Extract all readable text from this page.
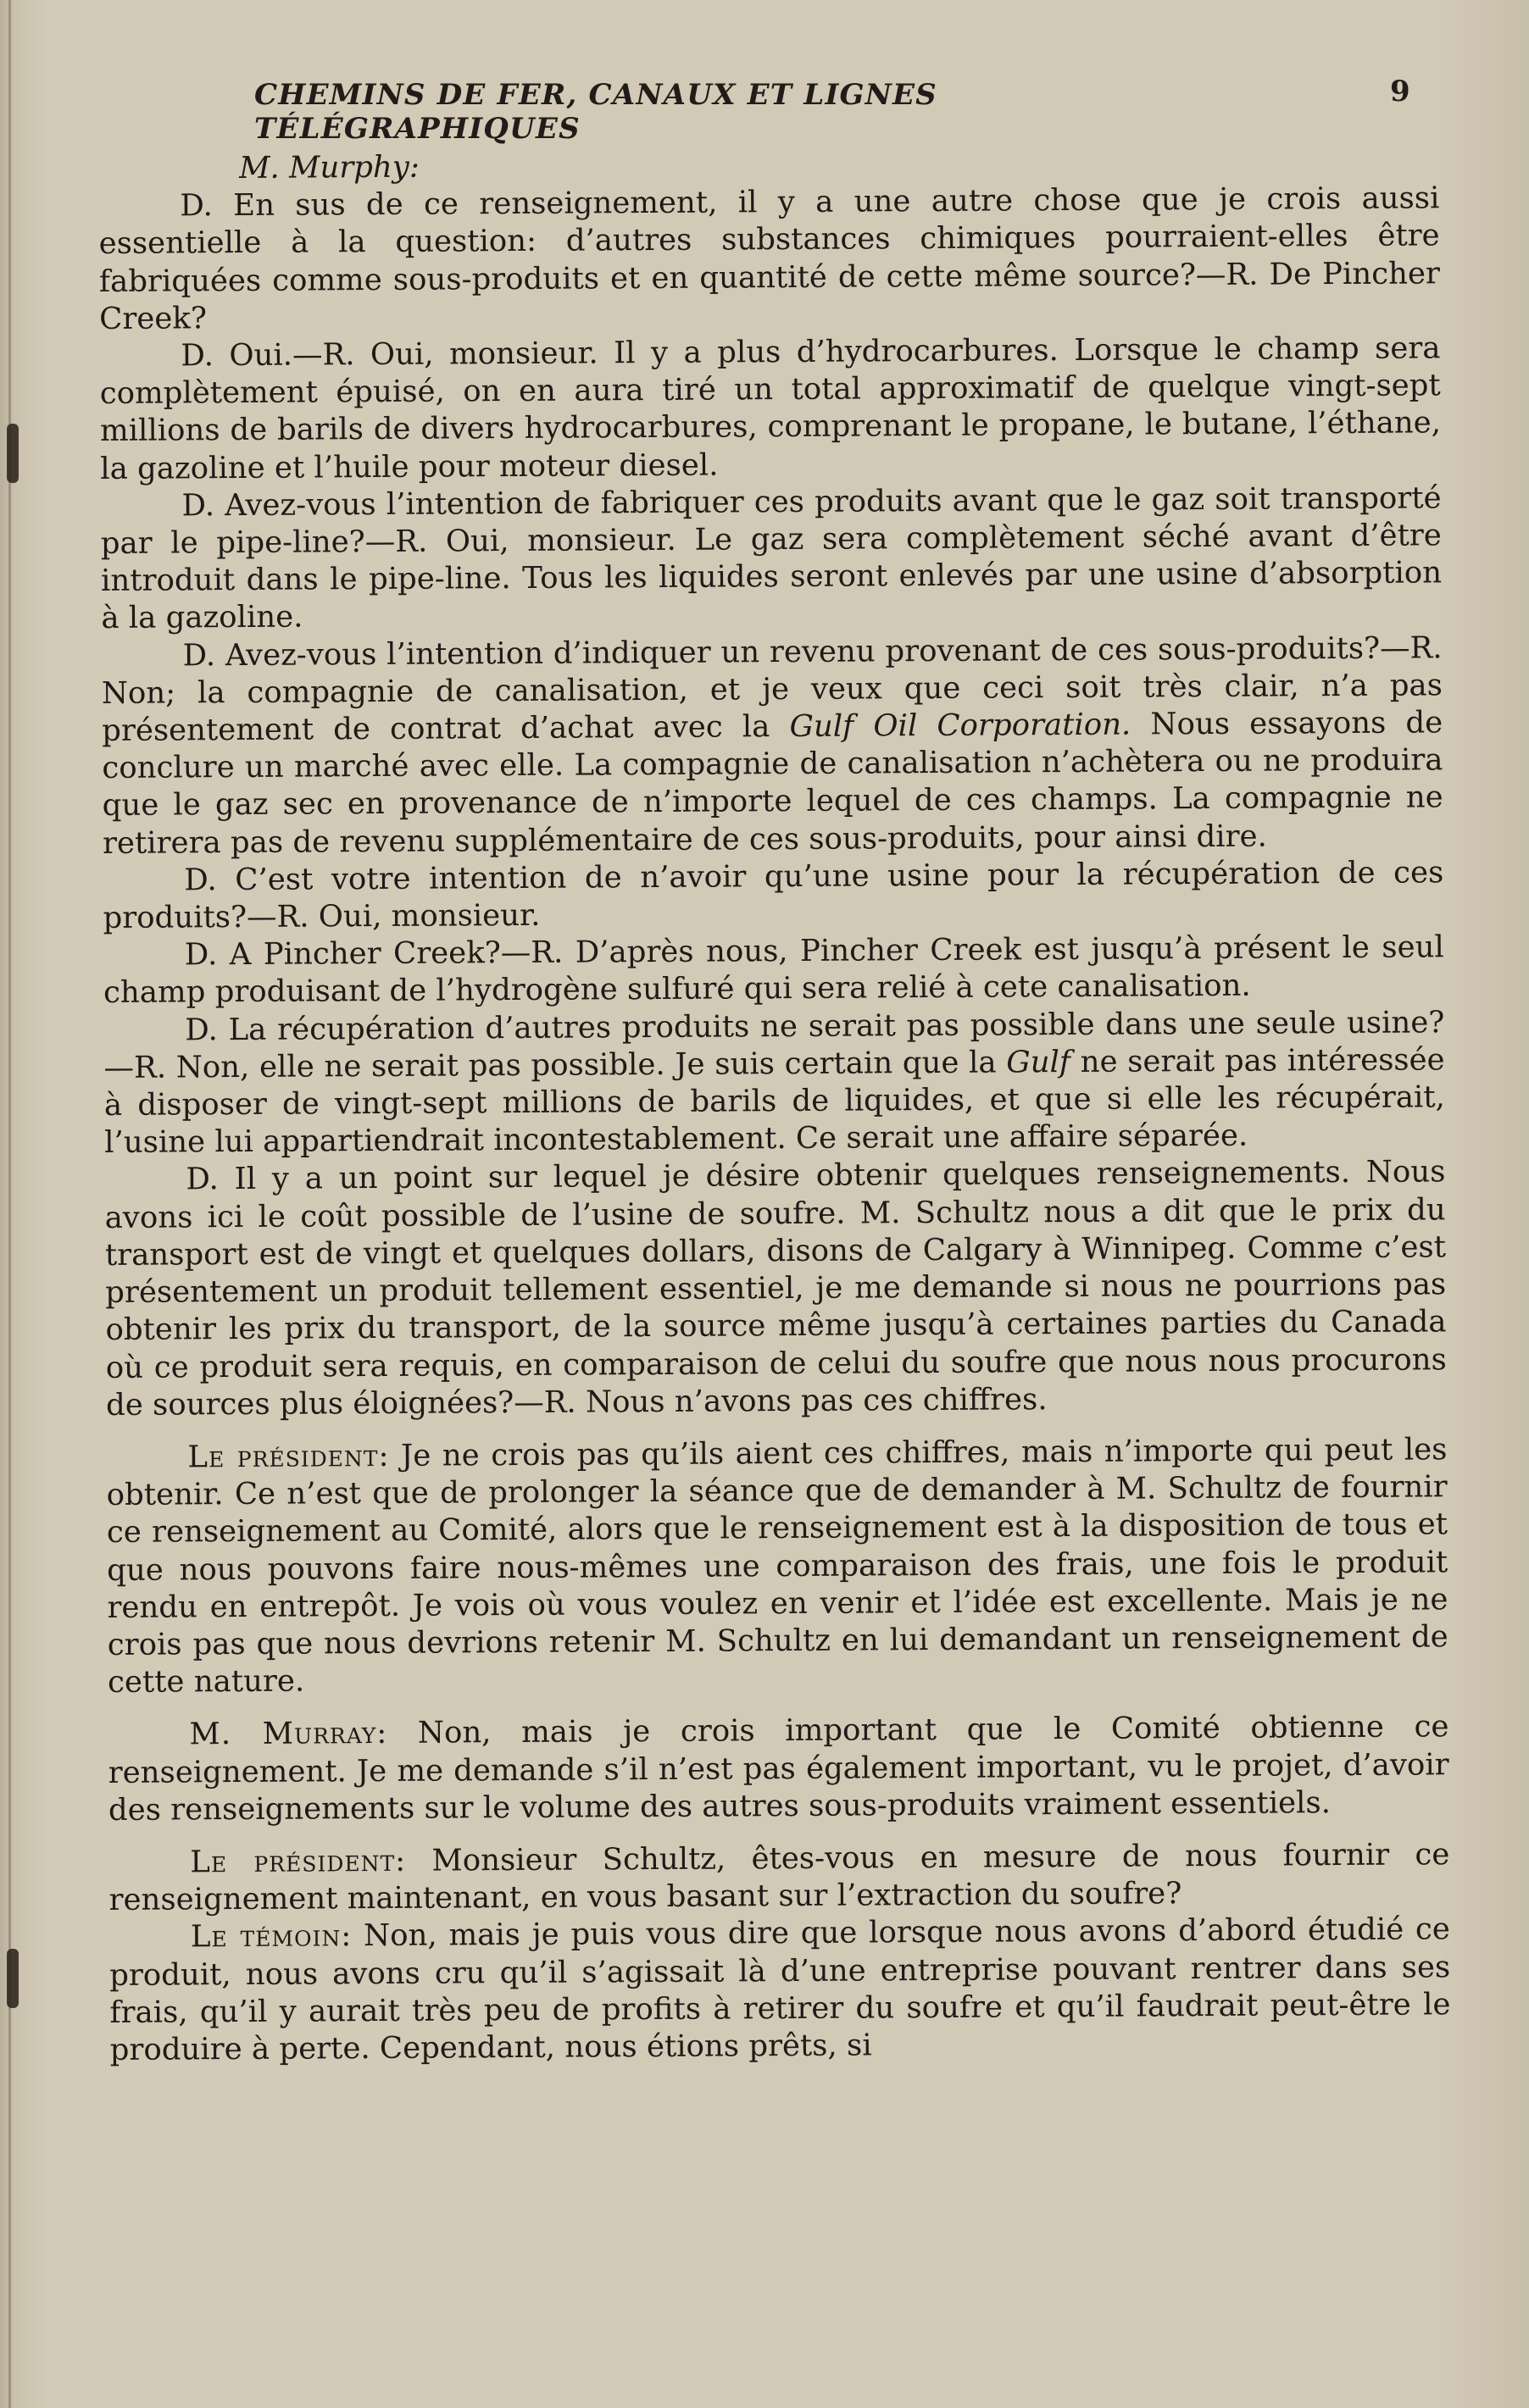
CHEMINS DE FER, CANAUX ET LIGNES TÉLÉGRAPHIQUES
9

M. Murphy:

D. En sus de ce renseignement, il y a une autre chose que je crois aussi essentielle à la question: d’autres substances chimiques pourraient-elles être fabriquées comme sous-produits et en quantité de cette même source?—R. De Pincher Creek?

D. Oui.—R. Oui, monsieur. Il y a plus d’hydrocarbures. Lorsque le champ sera complètement épuisé, on en aura tiré un total approximatif de quelque vingt-sept millions de barils de divers hydrocarbures, comprenant le propane, le butane, l’éthane, la gazoline et l’huile pour moteur diesel.

D. Avez-vous l’intention de fabriquer ces produits avant que le gaz soit transporté par le pipe-line?—R. Oui, monsieur. Le gaz sera complètement séché avant d’être introduit dans le pipe-line. Tous les liquides seront enlevés par une usine d’absorption à la gazoline.

D. Avez-vous l’intention d’indiquer un revenu provenant de ces sous-produits?—R. Non; la compagnie de canalisation, et je veux que ceci soit très clair, n’a pas présentement de contrat d’achat avec la Gulf Oil Corporation. Nous essayons de conclure un marché avec elle. La compagnie de canalisation n’achètera ou ne produira que le gaz sec en provenance de n’importe lequel de ces champs. La compagnie ne retirera pas de revenu supplémentaire de ces sous-produits, pour ainsi dire.

D. C’est votre intention de n’avoir qu’une usine pour la récupération de ces produits?—R. Oui, monsieur.

D. A Pincher Creek?—R. D’après nous, Pincher Creek est jusqu’à présent le seul champ produisant de l’hydrogène sulfuré qui sera relié à cete canalisation.

D. La récupération d’autres produits ne serait pas possible dans une seule usine?—R. Non, elle ne serait pas possible. Je suis certain que la Gulf ne serait pas intéressée à disposer de vingt-sept millions de barils de liquides, et que si elle les récupérait, l’usine lui appartiendrait incontestablement. Ce serait une affaire séparée.

D. Il y a un point sur lequel je désire obtenir quelques renseignements. Nous avons ici le coût possible de l’usine de soufre. M. Schultz nous a dit que le prix du transport est de vingt et quelques dollars, disons de Calgary à Winnipeg. Comme c’est présentement un produit tellement essentiel, je me demande si nous ne pourrions pas obtenir les prix du transport, de la source même jusqu’à certaines parties du Canada où ce produit sera requis, en comparaison de celui du soufre que nous nous procurons de sources plus éloignées?—R. Nous n’avons pas ces chiffres.

Le président: Je ne crois pas qu’ils aient ces chiffres, mais n’importe qui peut les obtenir. Ce n’est que de prolonger la séance que de demander à M. Schultz de fournir ce renseignement au Comité, alors que le renseignement est à la disposition de tous et que nous pouvons faire nous-mêmes une comparaison des frais, une fois le produit rendu en entrepôt. Je vois où vous voulez en venir et l’idée est excellente. Mais je ne crois pas que nous devrions retenir M. Schultz en lui demandant un renseignement de cette nature.

M. Murray: Non, mais je crois important que le Comité obtienne ce renseignement. Je me demande s’il n’est pas également important, vu le projet, d’avoir des renseignements sur le volume des autres sous-produits vraiment essentiels.

Le président: Monsieur Schultz, êtes-vous en mesure de nous fournir ce renseignement maintenant, en vous basant sur l’extraction du soufre?

Le témoin: Non, mais je puis vous dire que lorsque nous avons d’abord étudié ce produit, nous avons cru qu’il s’agissait là d’une entreprise pouvant rentrer dans ses frais, qu’il y aurait très peu de profits à retirer du soufre et qu’il faudrait peut-être le produire à perte. Cependant, nous étions prêts, si
